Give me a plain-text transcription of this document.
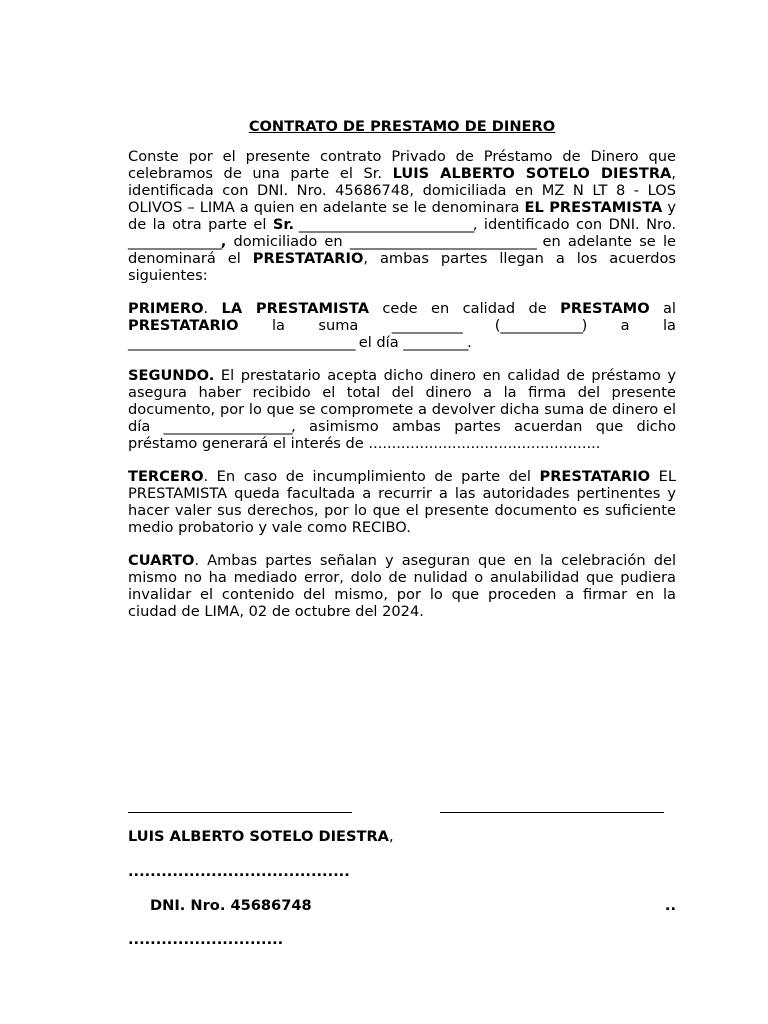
CONTRATO DE PRESTAMO DE DINERO

Conste por el presente contrato Privado de Préstamo de Dinero que celebramos de una parte el Sr. LUIS ALBERTO SOTELO DIESTRA, identificada con DNI. Nro. 45686748, domiciliada en MZ N LT 8 - LOS OLIVOS – LIMA a quien en adelante se le denominara EL PRESTAMISTA y de la otra parte el Sr. ______________________________, identificado con DNI. Nro. ________________, domiciliado en ________________________________ en adelante se le denominará el PRESTATARIO, ambas partes llegan a los acuerdos siguientes:

PRIMERO. LA PRESTAMISTA cede en calidad de PRESTAMO al PRESTATARIO la suma ____________ (______________) a la _______________________________________ el día ___________.

SEGUNDO. El prestatario acepta dicho dinero en calidad de préstamo y asegura haber recibido el total del dinero a la firma del presente documento, por lo que se compromete a devolver dicha suma de dinero el día ______________________, asimismo ambas partes acuerdan que dicho préstamo generará el interés de ..................................................

TERCERO. En caso de incumplimiento de parte del PRESTATARIO EL PRESTAMISTA queda facultada a recurrir a las autoridades pertinentes y hacer valer sus derechos, por lo que el presente documento es suficiente medio probatorio y vale como RECIBO.

CUARTO. Ambas partes señalan y aseguran que en la celebración del mismo no ha mediado error, dolo de nulidad o anulabilidad que pudiera invalidar el contenido del mismo, por lo que proceden a firmar en la ciudad de LIMA, 02 de octubre del 2024.

LUIS ALBERTO SOTELO DIESTRA,
........................................
DNI. Nro. 45686748	..
............................
